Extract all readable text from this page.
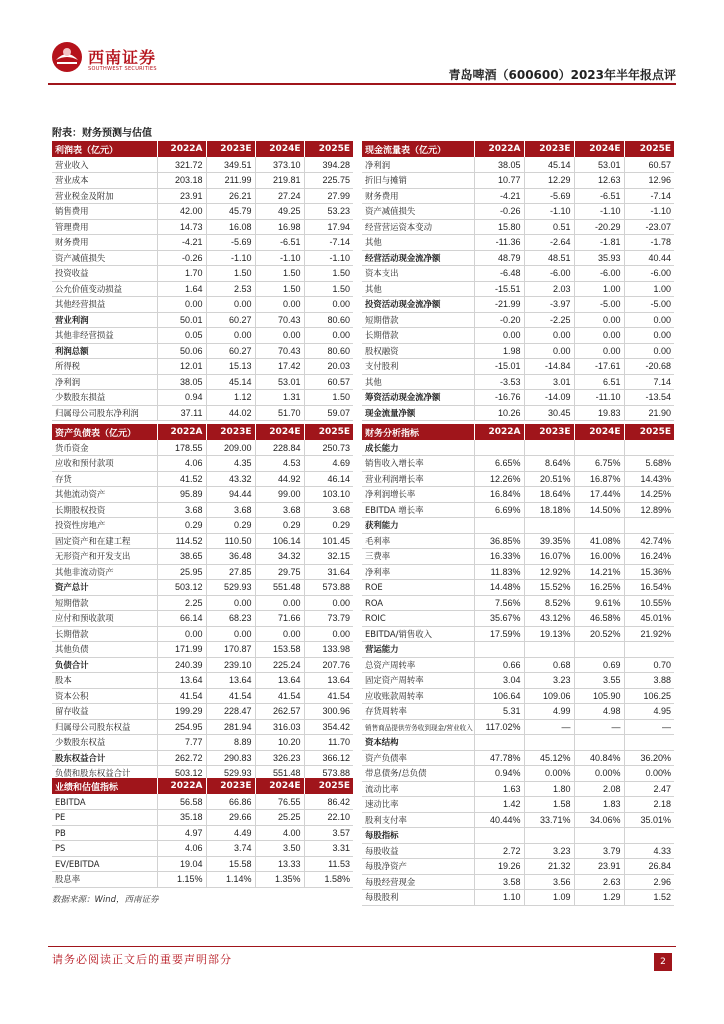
西南证券
SOUTHWEST SECURITIES	青岛啤酒（600600）2023年半年报点评
附表：财务预测与估值
利润表（亿元）	2022A	2023E	2024E	2025E
营业收入	321.72	349.51	373.10	394.28
营业成本	203.18	211.99	219.81	225.75
营业税金及附加	23.91	26.21	27.24	27.99
销售费用	42.00	45.79	49.25	53.23
管理费用	14.73	16.08	16.98	17.94
财务费用	-4.21	-5.69	-6.51	-7.14
资产减值损失	-0.26	-1.10	-1.10	-1.10
投资收益	1.70	1.50	1.50	1.50
公允价值变动损益	1.64	2.53	1.50	1.50
其他经营损益	0.00	0.00	0.00	0.00
营业利润	50.01	60.27	70.43	80.60
其他非经营损益	0.05	0.00	0.00	0.00
利润总额	50.06	60.27	70.43	80.60
所得税	12.01	15.13	17.42	20.03
净利润	38.05	45.14	53.01	60.57
少数股东损益	0.94	1.12	1.31	1.50
归属母公司股东净利润	37.11	44.02	51.70	59.07
现金流量表（亿元）	2022A	2023E	2024E	2025E
净利润	38.05	45.14	53.01	60.57
折旧与摊销	10.77	12.29	12.63	12.96
财务费用	-4.21	-5.69	-6.51	-7.14
资产减值损失	-0.26	-1.10	-1.10	-1.10
经营营运资本变动	15.80	0.51	-20.29	-23.07
其他	-11.36	-2.64	-1.81	-1.78
经营活动现金流净额	48.79	48.51	35.93	40.44
资本支出	-6.48	-6.00	-6.00	-6.00
其他	-15.51	2.03	1.00	1.00
投资活动现金流净额	-21.99	-3.97	-5.00	-5.00
短期借款	-0.20	-2.25	0.00	0.00
长期借款	0.00	0.00	0.00	0.00
股权融资	1.98	0.00	0.00	0.00
支付股利	-15.01	-14.84	-17.61	-20.68
其他	-3.53	3.01	6.51	7.14
筹资活动现金流净额	-16.76	-14.09	-11.10	-13.54
现金流量净额	10.26	30.45	19.83	21.90
资产负债表（亿元）	2022A	2023E	2024E	2025E
货币资金	178.55	209.00	228.84	250.73
应收和预付款项	4.06	4.35	4.53	4.69
存货	41.52	43.32	44.92	46.14
其他流动资产	95.89	94.44	99.00	103.10
长期股权投资	3.68	3.68	3.68	3.68
投资性房地产	0.29	0.29	0.29	0.29
固定资产和在建工程	114.52	110.50	106.14	101.45
无形资产和开发支出	38.65	36.48	34.32	32.15
其他非流动资产	25.95	27.85	29.75	31.64
资产总计	503.12	529.93	551.48	573.88
短期借款	2.25	0.00	0.00	0.00
应付和预收款项	66.14	68.23	71.66	73.79
长期借款	0.00	0.00	0.00	0.00
其他负债	171.99	170.87	153.58	133.98
负债合计	240.39	239.10	225.24	207.76
股本	13.64	13.64	13.64	13.64
资本公积	41.54	41.54	41.54	41.54
留存收益	199.29	228.47	262.57	300.96
归属母公司股东权益	254.95	281.94	316.03	354.42
少数股东权益	7.77	8.89	10.20	11.70
股东权益合计	262.72	290.83	326.23	366.12
负债和股东权益合计	503.12	529.93	551.48	573.88
财务分析指标	2022A	2023E	2024E	2025E
成长能力				
销售收入增长率	6.65%	8.64%	6.75%	5.68%
营业利润增长率	12.26%	20.51%	16.87%	14.43%
净利润增长率	16.84%	18.64%	17.44%	14.25%
EBITDA 增长率	6.69%	18.18%	14.50%	12.89%
获利能力				
毛利率	36.85%	39.35%	41.08%	42.74%
三费率	16.33%	16.07%	16.00%	16.24%
净利率	11.83%	12.92%	14.21%	15.36%
ROE	14.48%	15.52%	16.25%	16.54%
ROA	7.56%	8.52%	9.61%	10.55%
ROIC	35.67%	43.12%	46.58%	45.01%
EBITDA/销售收入	17.59%	19.13%	20.52%	21.92%
营运能力				
总资产周转率	0.66	0.68	0.69	0.70
固定资产周转率	3.04	3.23	3.55	3.88
应收账款周转率	106.64	109.06	105.90	106.25
存货周转率	5.31	4.99	4.98	4.95
销售商品提供劳务收到现金/营业收入	117.02%	—	—	—
资本结构				
资产负债率	47.78%	45.12%	40.84%	36.20%
带息债务/总负债	0.94%	0.00%	0.00%	0.00%
流动比率	1.63	1.80	2.08	2.47
速动比率	1.42	1.58	1.83	2.18
股利支付率	40.44%	33.71%	34.06%	35.01%
每股指标				
每股收益	2.72	3.23	3.79	4.33
每股净资产	19.26	21.32	23.91	26.84
每股经营现金	3.58	3.56	2.63	2.96
每股股利	1.10	1.09	1.29	1.52
业绩和估值指标	2022A	2023E	2024E	2025E
EBITDA	56.58	66.86	76.55	86.42
PE	35.18	29.66	25.25	22.10
PB	4.97	4.49	4.00	3.57
PS	4.06	3.74	3.50	3.31
EV/EBITDA	19.04	15.58	13.33	11.53
股息率	1.15%	1.14%	1.35%	1.58%
数据来源：Wind，西南证券
请务必阅读正文后的重要声明部分	2
